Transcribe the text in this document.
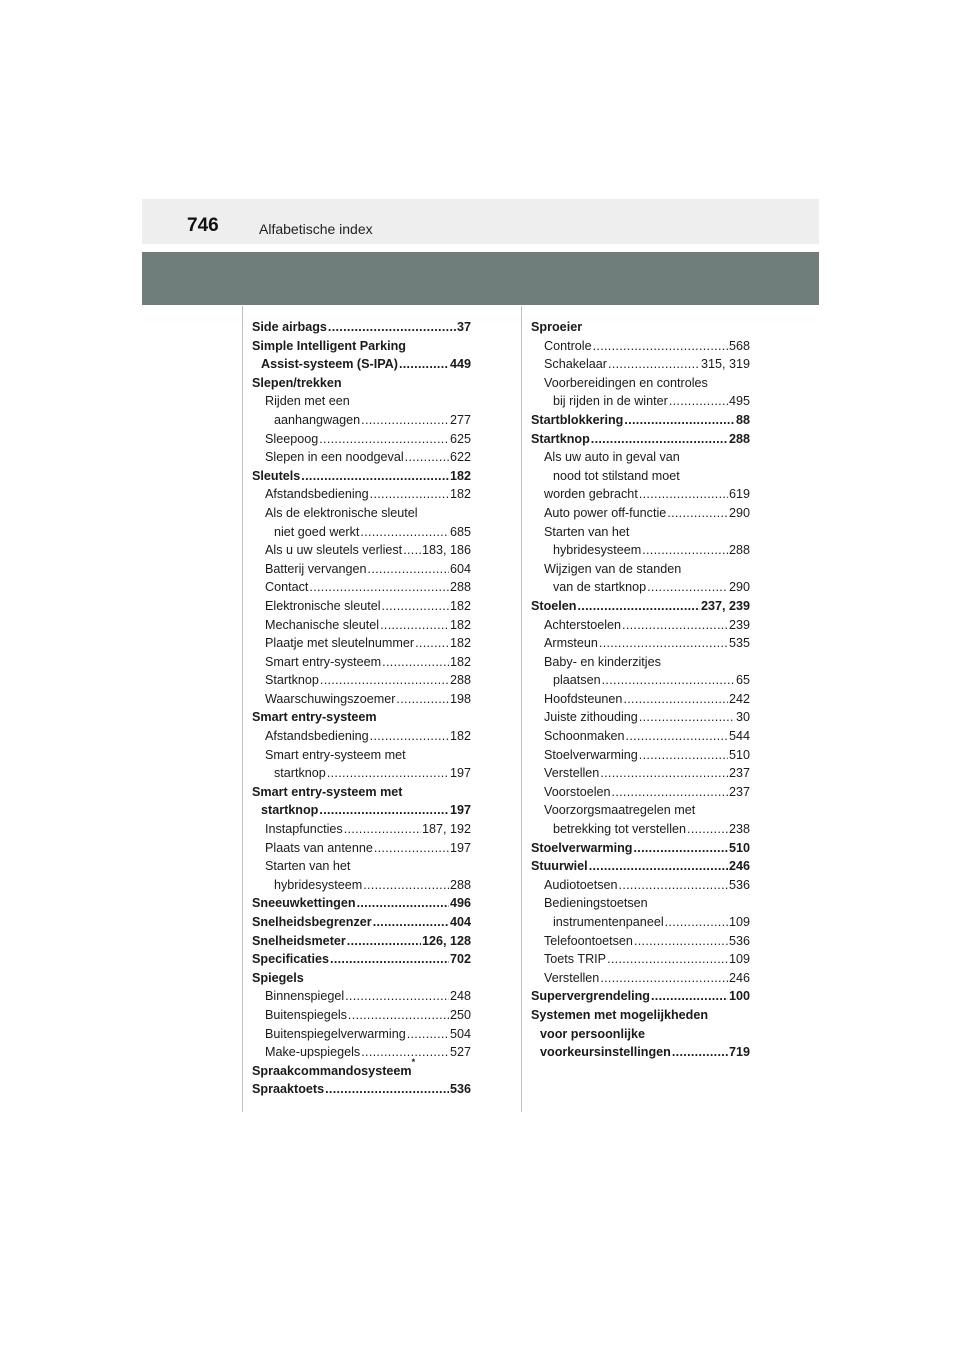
746	Alfabetische index
Side airbags . . .	37
Simple Intelligent Parking
Assist-systeem (S-IPA) . . .	449
Slepen/trekken
Rijden met een
aanhangwagen . . .	277
Sleepoog . . .	625
Slepen in een noodgeval . . .	622
Sleutels . . .	182
Afstandsbediening . . .	182
Als de elektronische sleutel
niet goed werkt . . .	685
Als u uw sleutels verliest . . . 183, 186
Batterij vervangen . . .	604
Contact . . .	288
Elektronische sleutel . . .	182
Mechanische sleutel . . .	182
Plaatje met sleutelnummer . . .	182
Smart entry-systeem . . .	182
Startknop . . .	288
Waarschuwingszoemer . . .	198
Smart entry-systeem
Afstandsbediening . . .	182
Smart entry-systeem met
startknop . . .	197
Smart entry-systeem met
startknop . . .	197
Instapfuncties . . .	187, 192
Plaats van antenne . . .	197
Starten van het
hybridesysteem . . .	288
Sneeuwkettingen . . .	496
Snelheidsbegrenzer . . .	404
Snelheidsmeter . . .	126, 128
Specificaties . . .	702
Spiegels
Binnenspiegel . . .	248
Buitenspiegels . . .	250
Buitenspiegelverwarming . . .	504
Make-upspiegels . . .	527
Spraakcommandosysteem
*
Spraaktoets . . .	536
Sproeier
Controle . . .	568
Schakelaar . . .	315, 319
Voorbereidingen en controles
bij rijden in de winter . . .	495
Startblokkering . . .	88
Startknop . . .	288
Als uw auto in geval van
nood tot stilstand moet
worden gebracht . . .	619
Auto power off-functie . . .	290
Starten van het
hybridesysteem . . .	288
Wijzigen van de standen
van de startknop . . .	290
Stoelen . . .	237, 239
Achterstoelen . . .	239
Armsteun . . .	535
Baby- en kinderzitjes
plaatsen . . .	65
Hoofdsteunen . . .	242
Juiste zithouding . . .	30
Schoonmaken . . .	544
Stoelverwarming . . .	510
Verstellen . . .	237
Voorstoelen . . .	237
Voorzorgsmaatregelen met
betrekking tot verstellen . . .	238
Stoelverwarming . . .	510
Stuurwiel . . .	246
Audiotoetsen . . .	536
Bedieningstoetsen
instrumentenpaneel . . .	109
Telefoontoetsen . . .	536
Toets TRIP . . .	109
Verstellen . . .	246
Supervergrendeling . . .	100
Systemen met mogelijkheden
voor persoonlijke
voorkeursinstellingen . . .	719
